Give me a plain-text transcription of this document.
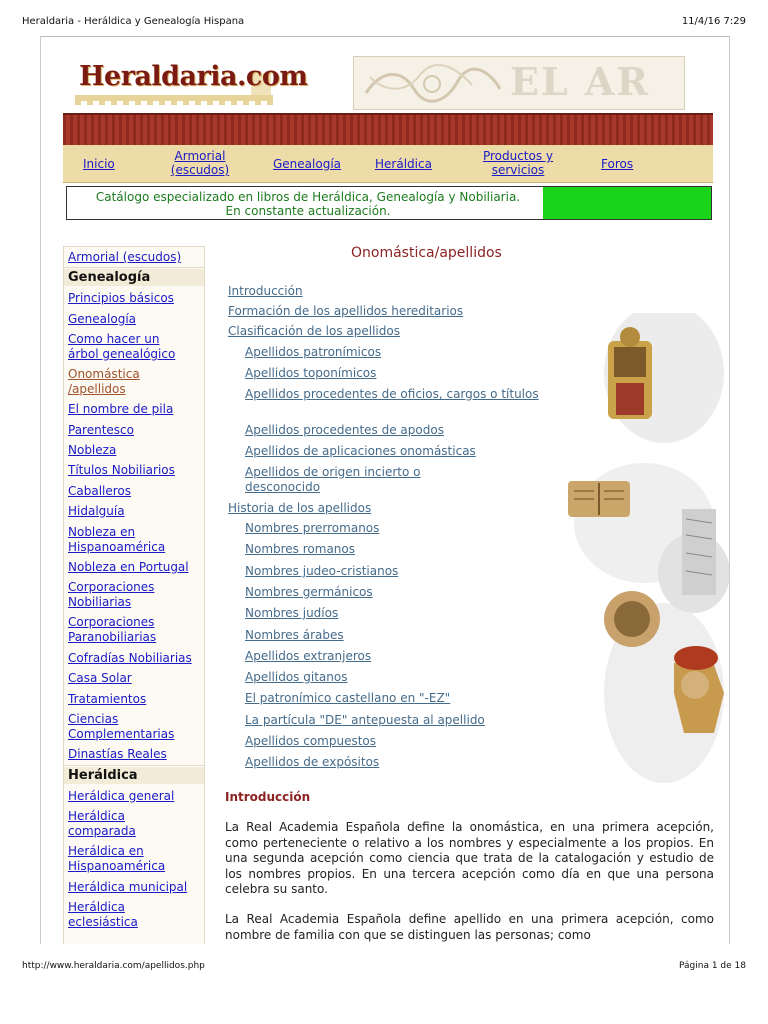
Heraldaria - Heráldica y Genealogía Hispana	11/4/16 7:29
Heraldaria.com	EL AR
Inicio
Armorial (escudos)	Genealogía	Heráldica
Productos y servicios	Foros
Catálogo especializado en libros de Heráldica, Genealogía y Nobiliaria.
En constante actualización.
Armorial (escudos)
Genealogía
Principios básicos
Genealogía
Como hacer un árbol genealógico
Onomástica /apellidos
El nombre de pila
Parentesco
Nobleza
Títulos Nobiliarios
Caballeros
Hidalguía
Nobleza en Hispanoamérica
Nobleza en Portugal
Corporaciones Nobiliarias
Corporaciones Paranobiliarias
Cofradías Nobiliarias
Casa Solar
Tratamientos
Ciencias Complementarias
Dinastías Reales
Heráldica
Heráldica general
Heráldica comparada
Heráldica en Hispanoamérica
Heráldica municipal
Heráldica eclesiástica
Onomástica/apellidos
Introducción
Formación de los apellidos hereditarios
Clasificación de los apellidos
Apellidos patronímicos
Apellidos toponímicos
Apellidos procedentes de oficios, cargos o títulos
Apellidos procedentes de apodos
Apellidos de aplicaciones onomásticas
Apellidos de origen incierto o desconocido
Historia de los apellidos
Nombres prerromanos
Nombres romanos
Nombres judeo-cristianos
Nombres germánicos
Nombres judíos
Nombres árabes
Apellidos extranjeros
Apellidos gitanos
El patronímico castellano en "-EZ"
La partícula "DE" antepuesta al apellido
Apellidos compuestos
Apellidos de expósitos
Introducción

La Real Academia Española define la onomástica, en una primera acepción, como perteneciente o relativo a los nombres y especialmente a los propios. En una segunda acepción como ciencia que trata de la catalogación y estudio de los nombres propios. En una tercera acepción como día en que una persona celebra su santo.

La Real Academia Española define apellido en una primera acepción, como nombre de familia con que se distinguen las personas; como

http://www.heraldaria.com/apellidos.php	Página 1 de 18
